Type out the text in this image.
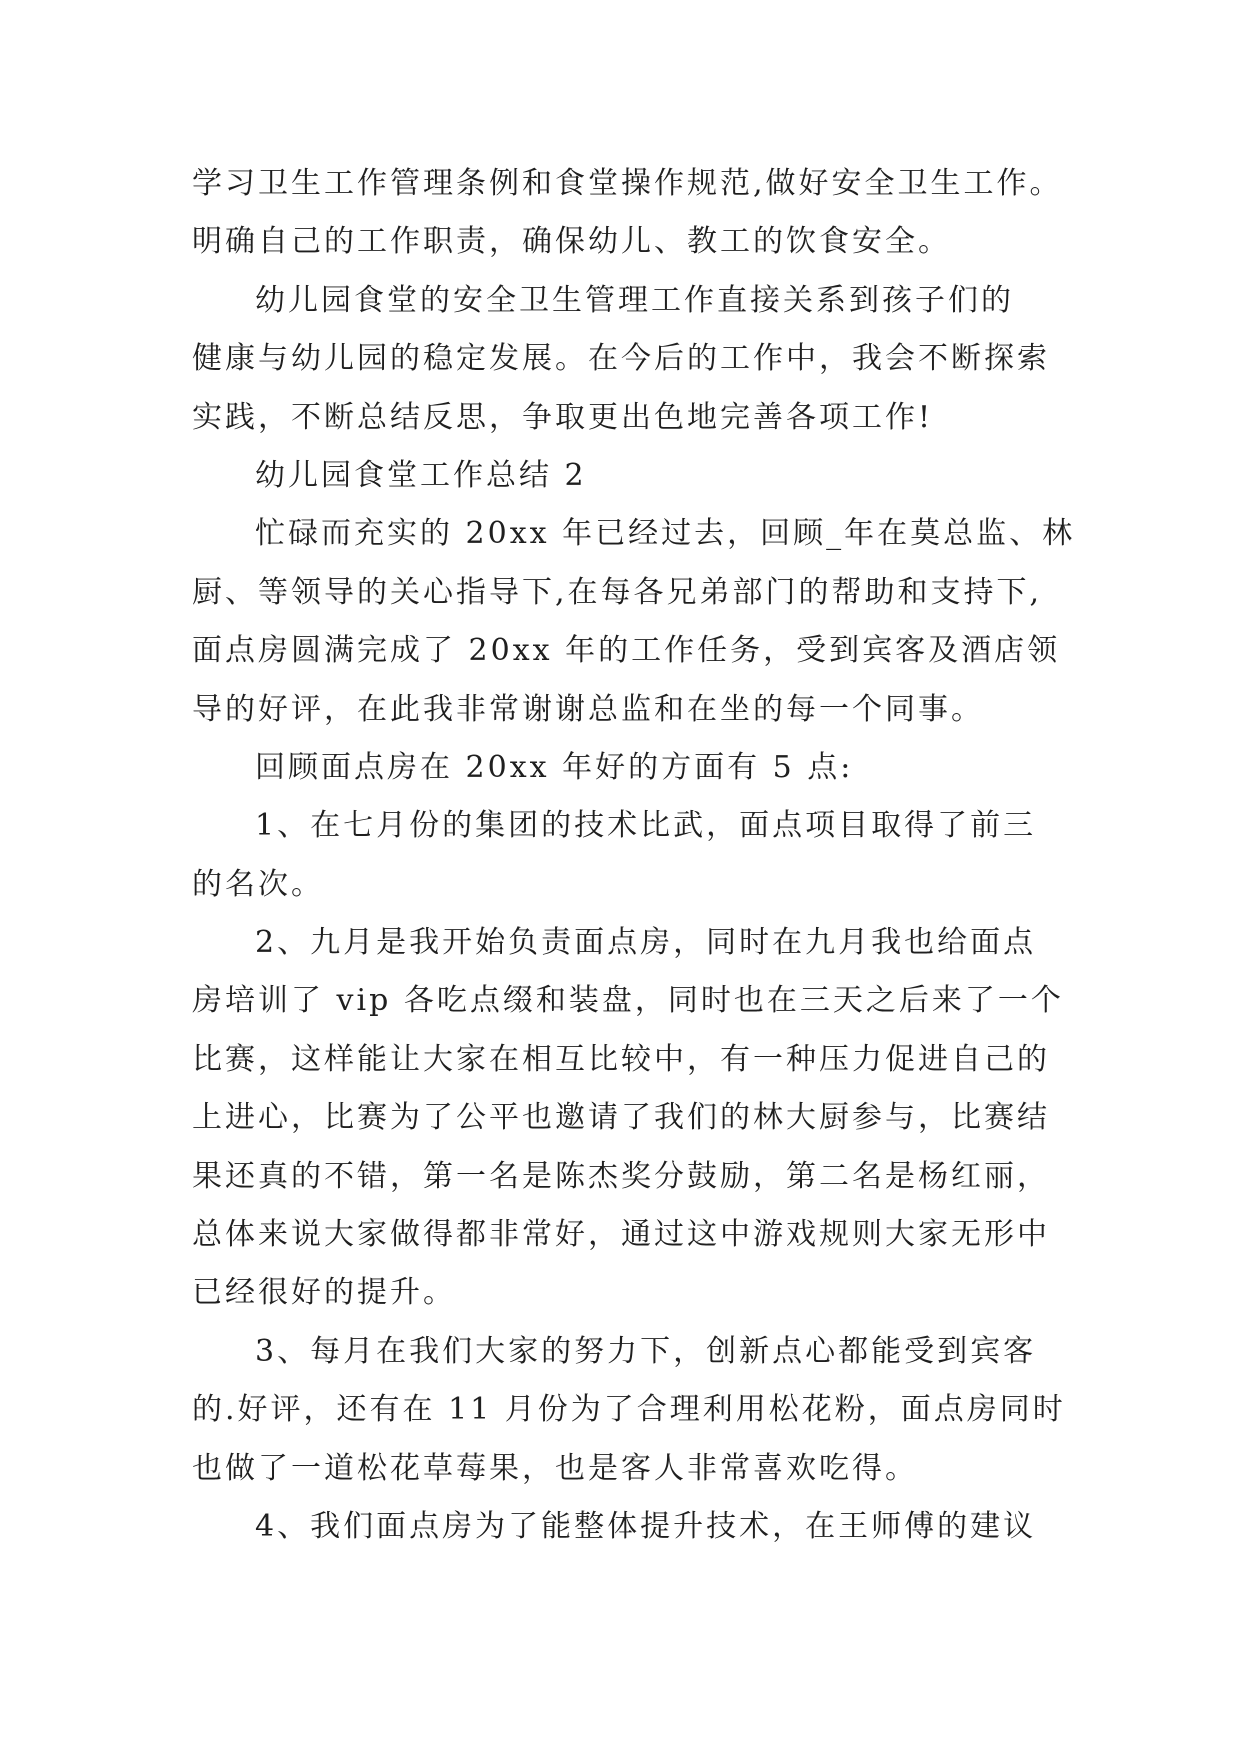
学习卫生工作管理条例和食堂操作规范,做好安全卫生工作。
明确自己的工作职责，确保幼儿、教工的饮食安全。
幼儿园食堂的安全卫生管理工作直接关系到孩子们的
健康与幼儿园的稳定发展。在今后的工作中，我会不断探索
实践，不断总结反思，争取更出色地完善各项工作!
幼儿园食堂工作总结 2
忙碌而充实的 20xx 年已经过去，回顾_年在莫总监、林
厨、等领导的关心指导下,在每各兄弟部门的帮助和支持下,
面点房圆满完成了 20xx 年的工作任务，受到宾客及酒店领
导的好评，在此我非常谢谢总监和在坐的每一个同事。
回顾面点房在 20xx 年好的方面有 5 点:
1、在七月份的集团的技术比武，面点项目取得了前三
的名次。
2、九月是我开始负责面点房，同时在九月我也给面点
房培训了 vip 各吃点缀和装盘，同时也在三天之后来了一个
比赛，这样能让大家在相互比较中，有一种压力促进自己的
上进心，比赛为了公平也邀请了我们的林大厨参与，比赛结
果还真的不错，第一名是陈杰奖分鼓励，第二名是杨红丽，
总体来说大家做得都非常好，通过这中游戏规则大家无形中
已经很好的提升。
3、每月在我们大家的努力下，创新点心都能受到宾客
的.好评，还有在 11 月份为了合理利用松花粉，面点房同时
也做了一道松花草莓果，也是客人非常喜欢吃得。
4、我们面点房为了能整体提升技术，在王师傅的建议
